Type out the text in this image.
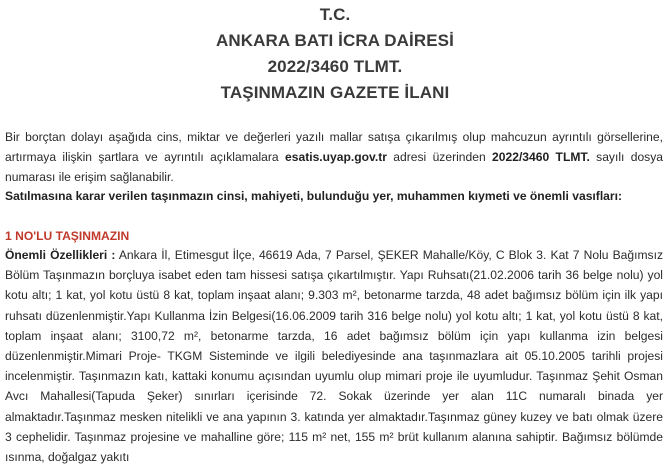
T.C.
ANKARA BATI İCRA DAİRESİ
2022/3460 TLMT.
TAŞINMAZIN GAZETE İLANI

Bir borçtan dolayı aşağıda cins, miktar ve değerleri yazılı mallar satışa çıkarılmış olup mahcuzun ayrıntılı görsellerine, artırmaya ilişkin şartlara ve ayrıntılı açıklamalara esatis.uyap.gov.tr adresi üzerinden 2022/3460 TLMT. sayılı dosya numarası ile erişim sağlanabilir.

Satılmasına karar verilen taşınmazın cinsi, mahiyeti, bulunduğu yer, muhammen kıymeti ve önemli vasıfları:

1 NO'LU TAŞINMAZIN

Önemli Özellikleri : Ankara İl, Etimesgut İlçe, 46619 Ada, 7 Parsel, ŞEKER Mahalle/Köy, C Blok 3. Kat 7 Nolu Bağımsız Bölüm Taşınmazın borçluya isabet eden tam hissesi satışa çıkartılmıştır. Yapı Ruhsatı(21.02.2006 tarih 36 belge nolu) yol kotu altı; 1 kat, yol kotu üstü 8 kat, toplam inşaat alanı; 9.303 m², betonarme tarzda, 48 adet bağımsız bölüm için ilk yapı ruhsatı düzenlenmiştir.Yapı Kullanma İzin Belgesi(16.06.2009 tarih 316 belge nolu) yol kotu altı; 1 kat, yol kotu üstü 8 kat, toplam inşaat alanı; 3100,72 m², betonarme tarzda, 16 adet bağımsız bölüm için yapı kullanma izin belgesi düzenlenmiştir.Mimari Proje- TKGM Sisteminde ve ilgili belediyesinde ana taşınmazlara ait 05.10.2005 tarihli projesi incelenmiştir. Taşınmazın katı, kattaki konumu açısından uyumlu olup mimari proje ile uyumludur. Taşınmaz Şehit Osman Avcı Mahallesi(Tapuda Şeker) sınırları içerisinde 72. Sokak üzerinde yer alan 11C numaralı binada yer almaktadır.Taşınmaz mesken nitelikli ve ana yapının 3. katında yer almaktadır.Taşınmaz güney kuzey ve batı olmak üzere 3 cephelidir. Taşınmaz projesine ve mahalline göre; 115 m² net, 155 m² brüt kullanım alanına sahiptir. Bağımsız bölümde ısınma, doğalgaz yakıtı
